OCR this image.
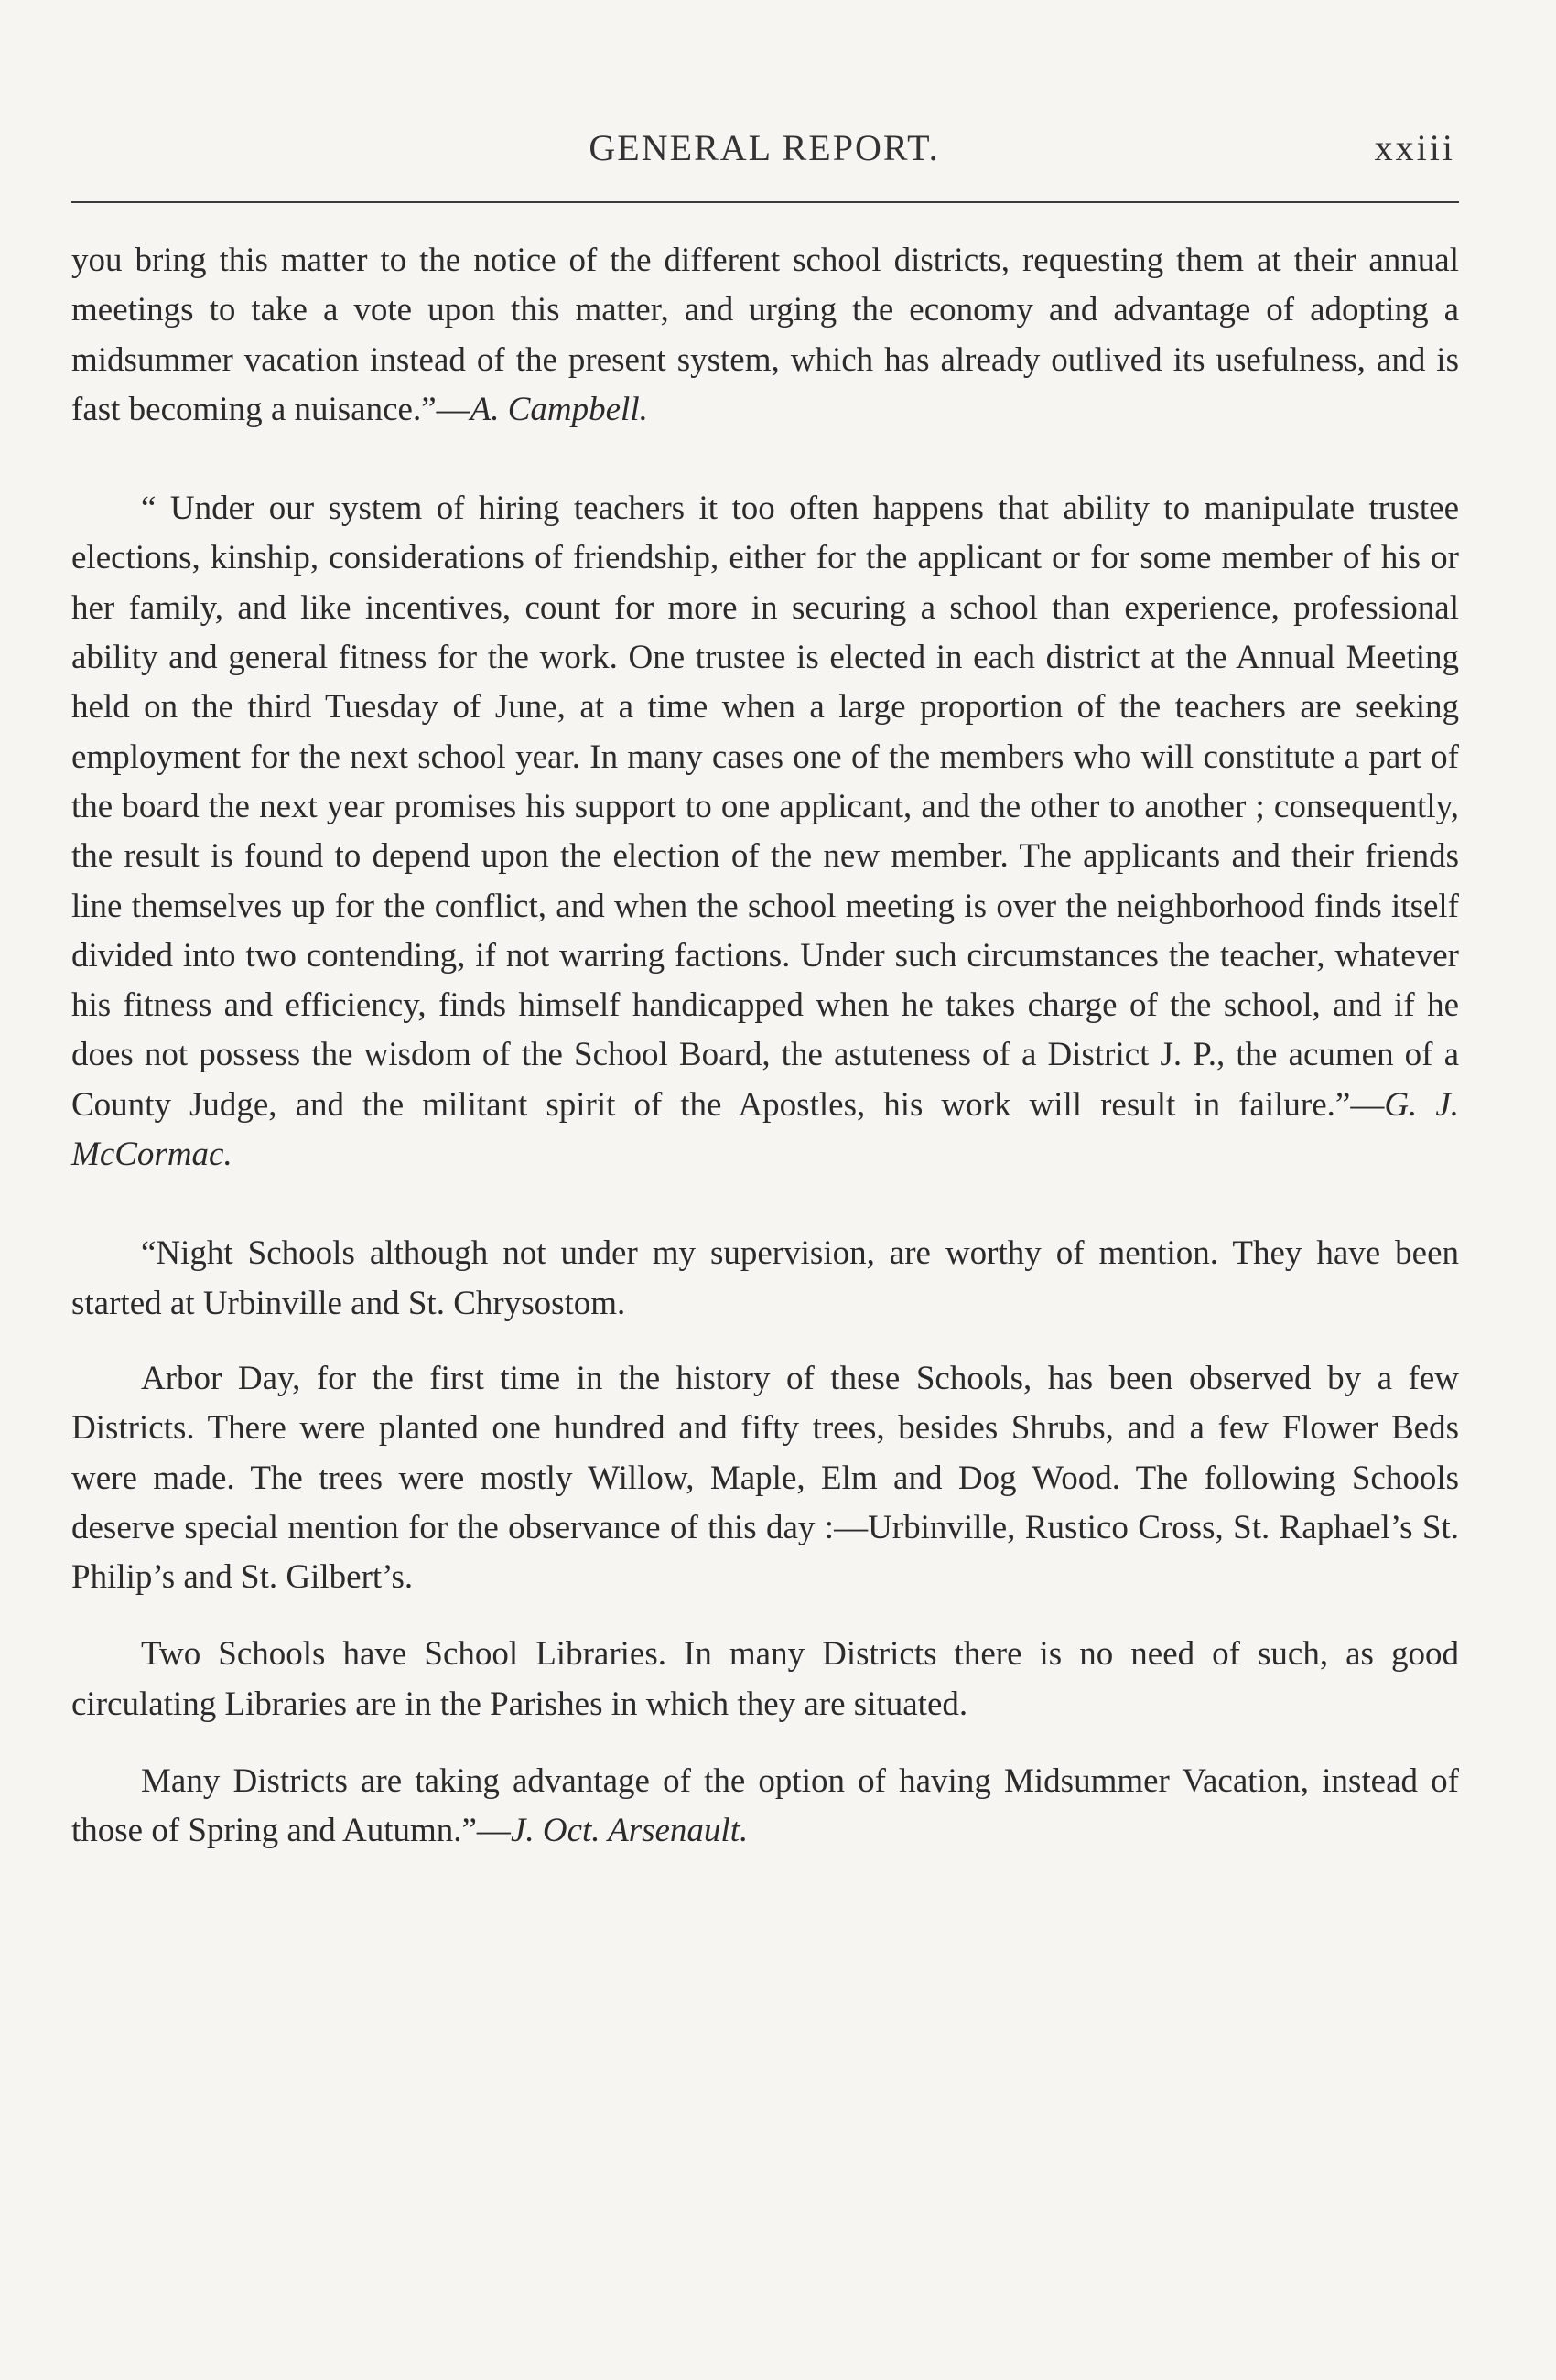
GENERAL REPORT.	xxiii

you bring this matter to the notice of the different school districts, requesting them at their annual meetings to take a vote upon this matter, and urging the economy and advantage of adopting a midsummer vacation instead of the present system, which has already outlived its usefulness, and is fast becoming a nuisance.”—A. Campbell.

“ Under our system of hiring teachers it too often happens that ability to manipulate trustee elections, kinship, considerations of friendship, either for the applicant or for some member of his or her family, and like incentives, count for more in securing a school than experience, professional ability and general fitness for the work. One trustee is elected in each district at the Annual Meeting held on the third Tuesday of June, at a time when a large proportion of the teachers are seeking employment for the next school year. In many cases one of the members who will constitute a part of the board the next year promises his support to one applicant, and the other to another ; consequently, the result is found to depend upon the election of the new member. The applicants and their friends line themselves up for the conflict, and when the school meeting is over the neighborhood finds itself divided into two contending, if not warring factions. Under such circumstances the teacher, whatever his fitness and efficiency, finds himself handicapped when he takes charge of the school, and if he does not possess the wisdom of the School Board, the astuteness of a District J. P., the acumen of a County Judge, and the militant spirit of the Apostles, his work will result in failure.”—G. J. McCormac.

“Night Schools although not under my supervision, are worthy of mention. They have been started at Urbinville and St. Chrysostom.

Arbor Day, for the first time in the history of these Schools, has been observed by a few Districts. There were planted one hundred and fifty trees, besides Shrubs, and a few Flower Beds were made. The trees were mostly Willow, Maple, Elm and Dog Wood. The following Schools deserve special mention for the observance of this day :—Urbinville, Rustico Cross, St. Raphael’s St. Philip’s and St. Gilbert’s.

Two Schools have School Libraries. In many Districts there is no need of such, as good circulating Libraries are in the Parishes in which they are situated.

Many Districts are taking advantage of the option of having Midsummer Vacation, instead of those of Spring and Autumn.”—J. Oct. Arsenault.
